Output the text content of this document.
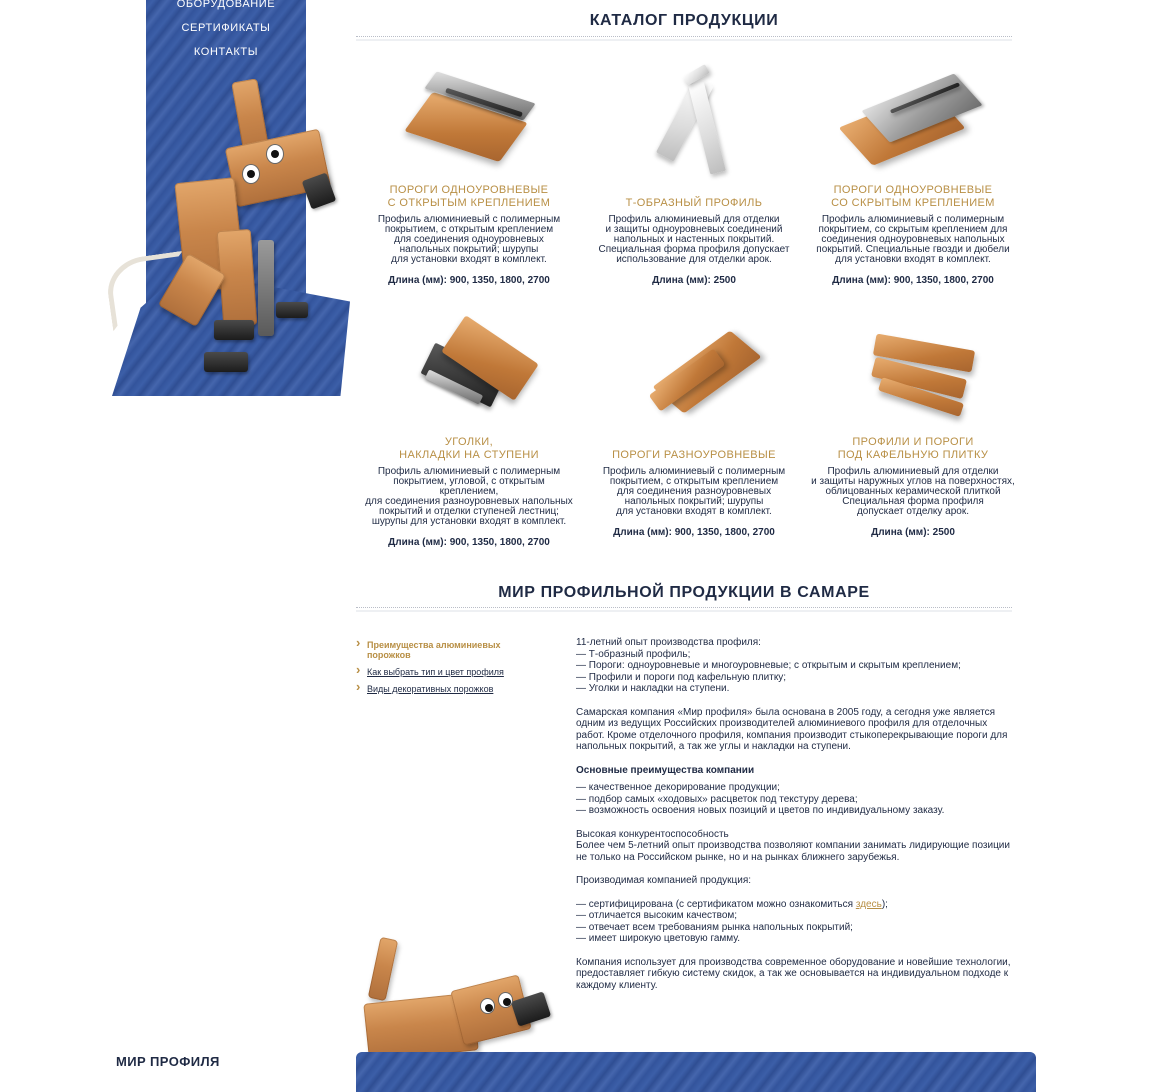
ОБОРУДОВАНИЕ
СЕРТИФИКАТЫ
КОНТАКТЫ
КАТАЛОГ ПРОДУКЦИИ
ПОРОГИ ОДНОУРОВНЕВЫЕ
С ОТКРЫТЫМ КРЕПЛЕНИЕМ
Профиль алюминиевый с полимерным
покрытием, с открытым креплением
для соединения одноуровневых
напольных покрытий; шурупы
для установки входят в комплект.
Длина (мм): 900, 1350, 1800, 2700
Т-ОБРАЗНЫЙ ПРОФИЛЬ
Профиль алюминиевый для отделки
и защиты одноуровневых соединений
напольных и настенных покрытий.
Специальная форма профиля допускает
использование для отделки арок.
Длина (мм): 2500
ПОРОГИ ОДНОУРОВНЕВЫЕ
СО СКРЫТЫМ КРЕПЛЕНИЕМ
Профиль алюминиевый с полимерным
покрытием, со скрытым креплением для
соединения одноуровневых напольных
покрытий. Специальные гвозди и дюбели
для установки входят в комплект.
Длина (мм): 900, 1350, 1800, 2700
УГОЛКИ,
НАКЛАДКИ НА СТУПЕНИ
Профиль алюминиевый с полимерным
покрытием, угловой, с открытым креплением,
для соединения разноуровневых напольных
покрытий и отделки ступеней лестниц;
шурупы для установки входят в комплект.
Длина (мм): 900, 1350, 1800, 2700
ПОРОГИ РАЗНОУРОВНЕВЫЕ
Профиль алюминиевый с полимерным
покрытием, с открытым креплением
для соединения разноуровневых
напольных покрытий; шурупы
для установки входят в комплект.
Длина (мм): 900, 1350, 1800, 2700
ПРОФИЛИ И ПОРОГИ
ПОД КАФЕЛЬНУЮ ПЛИТКУ
Профиль алюминиевый для отделки
и защиты наружных углов на поверхностях,
облицованных керамической плиткой
Специальная форма профиля
допускает отделку арок.
Длина (мм): 2500
МИР ПРОФИЛЬНОЙ ПРОДУКЦИИ В САМАРЕ
› Преимущества алюминиевых порожков
› Как выбрать тип и цвет профиля
› Виды декоративных порожков

11-летний опыт производства профиля:
— Т-образный профиль;
— Пороги: одноуровневые и многоуровневые; с открытым и скрытым креплением;
— Профили и пороги под кафельную плитку;
— Уголки и накладки на ступени.

Самарская компания «Мир профиля» была основана в 2005 году, а сегодня уже является одним из ведущих Российских производителей алюминиевого профиля для отделочных работ. Кроме отделочного профиля, компания производит стыкоперекрывающие пороги для напольных покрытий, а так же углы и накладки на ступени.

Основные преимущества компании
— качественное декорирование продукции;
— подбор самых «ходовых» расцветок под текстуру дерева;
— возможность освоения новых позиций и цветов по индивидуальному заказу.

Высокая конкурентоспособность
Более чем 5-летний опыт производства позволяют компании занимать лидирующие позиции не только на Российском рынке, но и на рынках ближнего зарубежья.

Производимая компанией продукция:

— сертифицирована (с сертификатом можно ознакомиться здесь);
— отличается высоким качеством;
— отвечает всем требованиям рынка напольных покрытий;
— имеет широкую цветовую гамму.

Компания использует для производства современное оборудование и новейшие технологии, предоставляет гибкую систему скидок, а так же основывается на индивидуальном подходе к каждому клиенту.

МИР ПРОФИЛЯ
